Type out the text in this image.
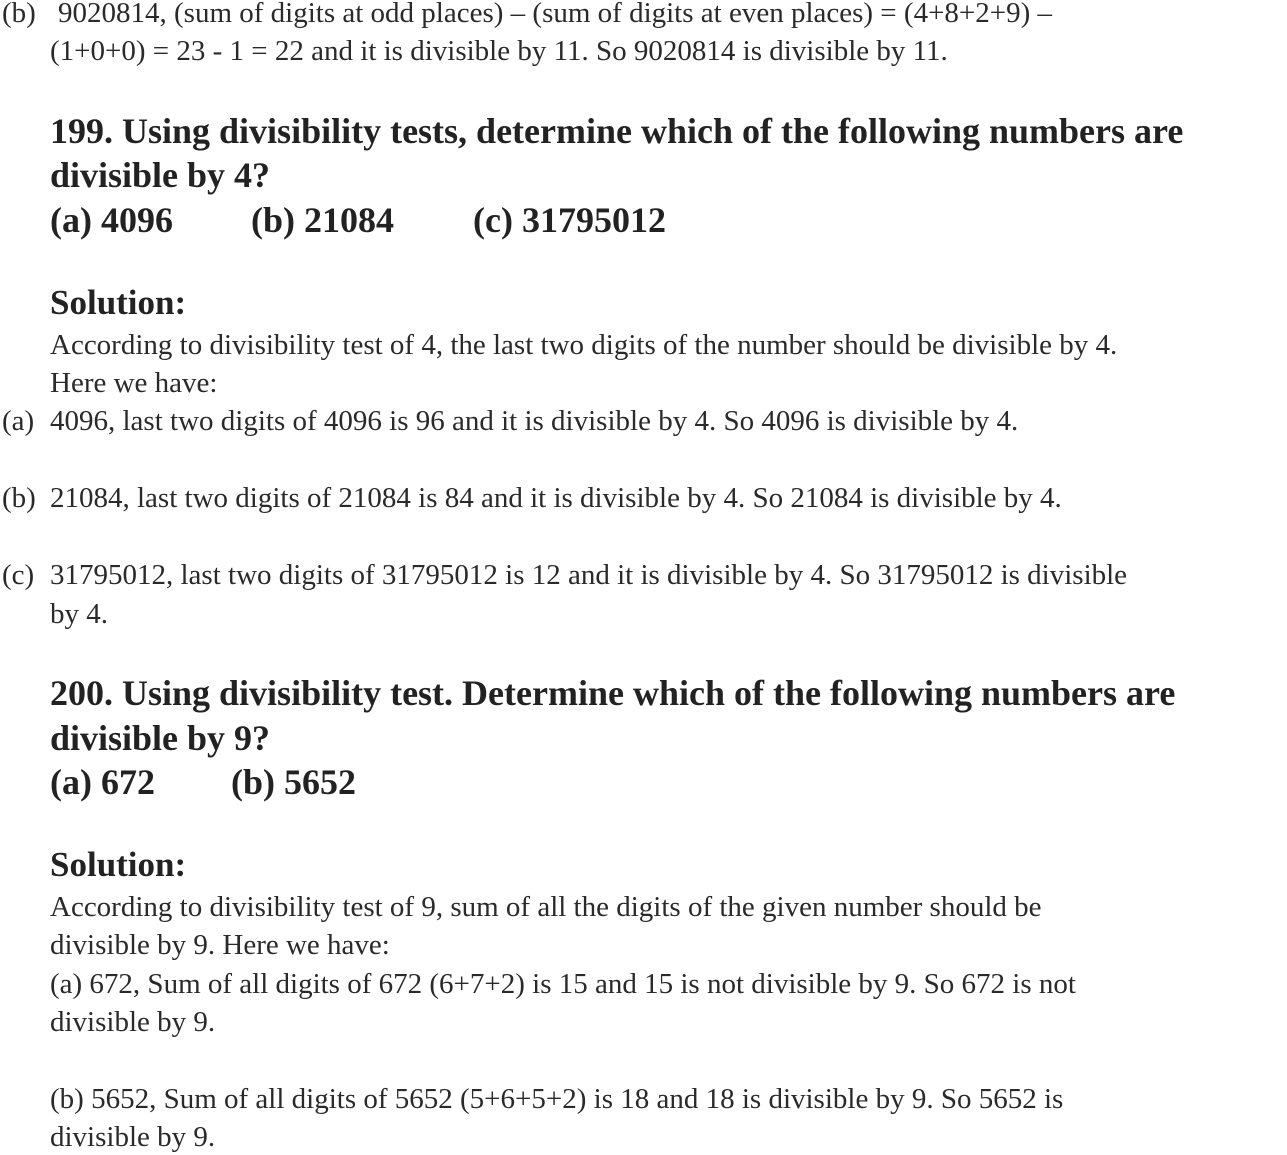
(b) 9020814, (sum of digits at odd places) – (sum of digits at even places) = (4+8+2+9) –
(1+0+0) = 23 - 1 = 22 and it is divisible by 11. So 9020814 is divisible by 11.
199. Using divisibility tests, determine which of the following numbers are
divisible by 4?
(a) 4096 (b) 21084 (c) 31795012
Solution:
According to divisibility test of 4, the last two digits of the number should be divisible by 4.
Here we have:
(a) 4096, last two digits of 4096 is 96 and it is divisible by 4. So 4096 is divisible by 4.
(b) 21084, last two digits of 21084 is 84 and it is divisible by 4. So 21084 is divisible by 4.
(c) 31795012, last two digits of 31795012 is 12 and it is divisible by 4. So 31795012 is divisible
by 4.
200. Using divisibility test. Determine which of the following numbers are
divisible by 9?
(a) 672 (b) 5652
Solution:
According to divisibility test of 9, sum of all the digits of the given number should be
divisible by 9. Here we have:
(a) 672, Sum of all digits of 672 (6+7+2) is 15 and 15 is not divisible by 9. So 672 is not
divisible by 9.
(b) 5652, Sum of all digits of 5652 (5+6+5+2) is 18 and 18 is divisible by 9. So 5652 is
divisible by 9.
